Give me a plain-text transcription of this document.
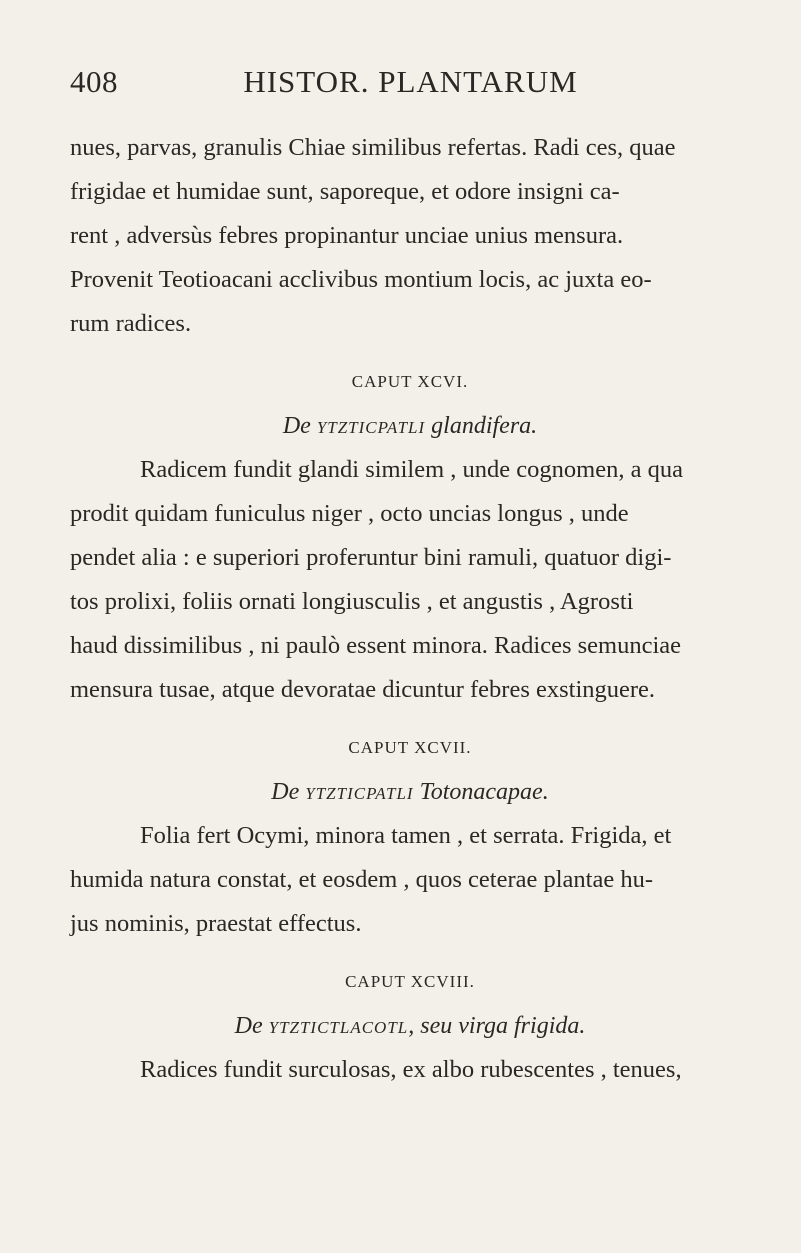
408	HISTOR. PLANTARUM

nues, parvas, granulis Chiae similibus refertas. Radi ces, quae

frigidae et humidae sunt, saporeque, et odore insigni ca-

rent , adversùs febres propinantur unciae unius mensura.

Provenit Teotioacani acclivibus montium locis, ac juxta eo-

rum radices.

CAPUT XCVI.

De YTZTICPATLI glandifera.

Radicem fundit glandi similem , unde cognomen, a qua

prodit quidam funiculus niger , octo uncias longus , unde

pendet alia : e superiori proferuntur bini ramuli, quatuor digi-

tos prolixi, foliis ornati longiusculis , et angustis , Agrosti

haud dissimilibus , ni paulò essent minora. Radices semunciae

mensura tusae, atque devoratae dicuntur febres exstinguere.

CAPUT XCVII.

De YTZTICPATLI Totonacapae.

Folia fert Ocymi, minora tamen , et serrata. Frigida, et

humida natura constat, et eosdem , quos ceterae plantae hu-

jus nominis, praestat effectus.

CAPUT XCVIII.

De YTZTICTLACOTL, seu virga frigida.

Radices fundit surculosas, ex albo rubescentes , tenues,
